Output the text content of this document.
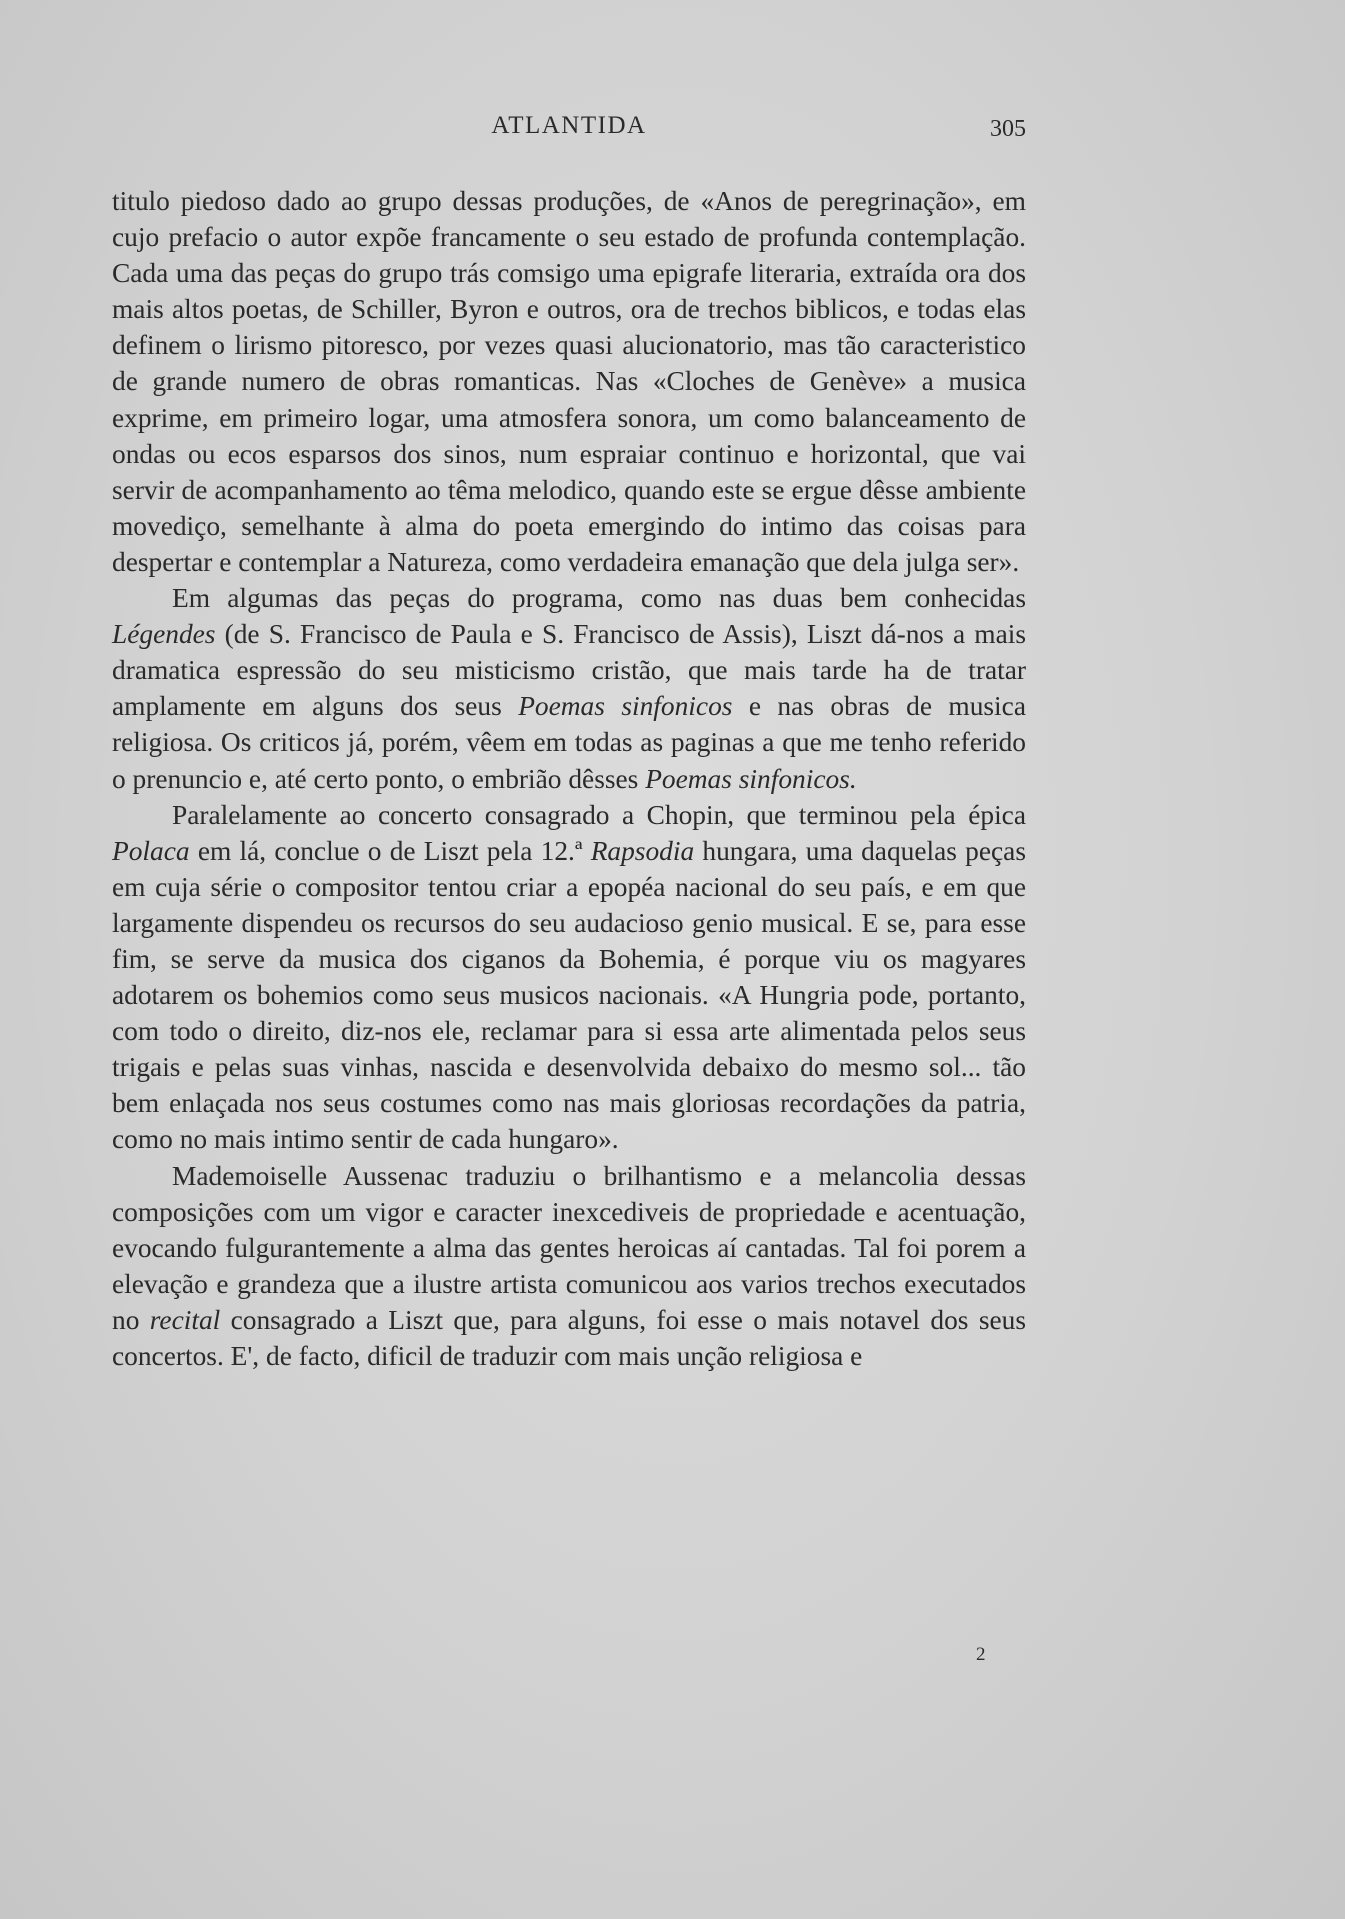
ATLANTIDA	305

titulo piedoso dado ao grupo dessas produções, de «Anos de peregrinação», em cujo prefacio o autor expõe francamente o seu estado de profunda contemplação. Cada uma das peças do grupo trás comsigo uma epigrafe literaria, extraída ora dos mais altos poetas, de Schiller, Byron e outros, ora de trechos biblicos, e todas elas definem o lirismo pitoresco, por vezes quasi alucionatorio, mas tão caracteristico de grande numero de obras romanticas. Nas «Cloches de Genève» a musica exprime, em primeiro logar, uma atmosfera sonora, um como balanceamento de ondas ou ecos esparsos dos sinos, num espraiar continuo e horizontal, que vai servir de acompanhamento ao têma melodico, quando este se ergue dêsse ambiente movediço, semelhante à alma do poeta emergindo do intimo das coisas para despertar e contemplar a Natureza, como verdadeira emanação que dela julga ser».

Em algumas das peças do programa, como nas duas bem conhecidas Légendes (de S. Francisco de Paula e S. Francisco de Assis), Liszt dá-nos a mais dramatica espressão do seu misticismo cristão, que mais tarde ha de tratar amplamente em alguns dos seus Poemas sinfonicos e nas obras de musica religiosa. Os criticos já, porém, vêem em todas as paginas a que me tenho referido o prenuncio e, até certo ponto, o embrião dêsses Poemas sinfonicos.

Paralelamente ao concerto consagrado a Chopin, que terminou pela épica Polaca em lá, conclue o de Liszt pela 12.ª Rapsodia hungara, uma daquelas peças em cuja série o compositor tentou criar a epopéa nacional do seu país, e em que largamente dispendeu os recursos do seu audacioso genio musical. E se, para esse fim, se serve da musica dos ciganos da Bohemia, é porque viu os magyares adotarem os bohemios como seus musicos nacionais. «A Hungria pode, portanto, com todo o direito, diz-nos ele, reclamar para si essa arte alimentada pelos seus trigais e pelas suas vinhas, nascida e desenvolvida debaixo do mesmo sol... tão bem enlaçada nos seus costumes como nas mais gloriosas recordações da patria, como no mais intimo sentir de cada hungaro».

Mademoiselle Aussenac traduziu o brilhantismo e a melancolia dessas composições com um vigor e caracter inexcediveis de propriedade e acentuação, evocando fulgurantemente a alma das gentes heroicas aí cantadas. Tal foi porem a elevação e grandeza que a ilustre artista comunicou aos varios trechos executados no recital consagrado a Liszt que, para alguns, foi esse o mais notavel dos seus concertos. E', de facto, dificil de traduzir com mais unção religiosa e

2
